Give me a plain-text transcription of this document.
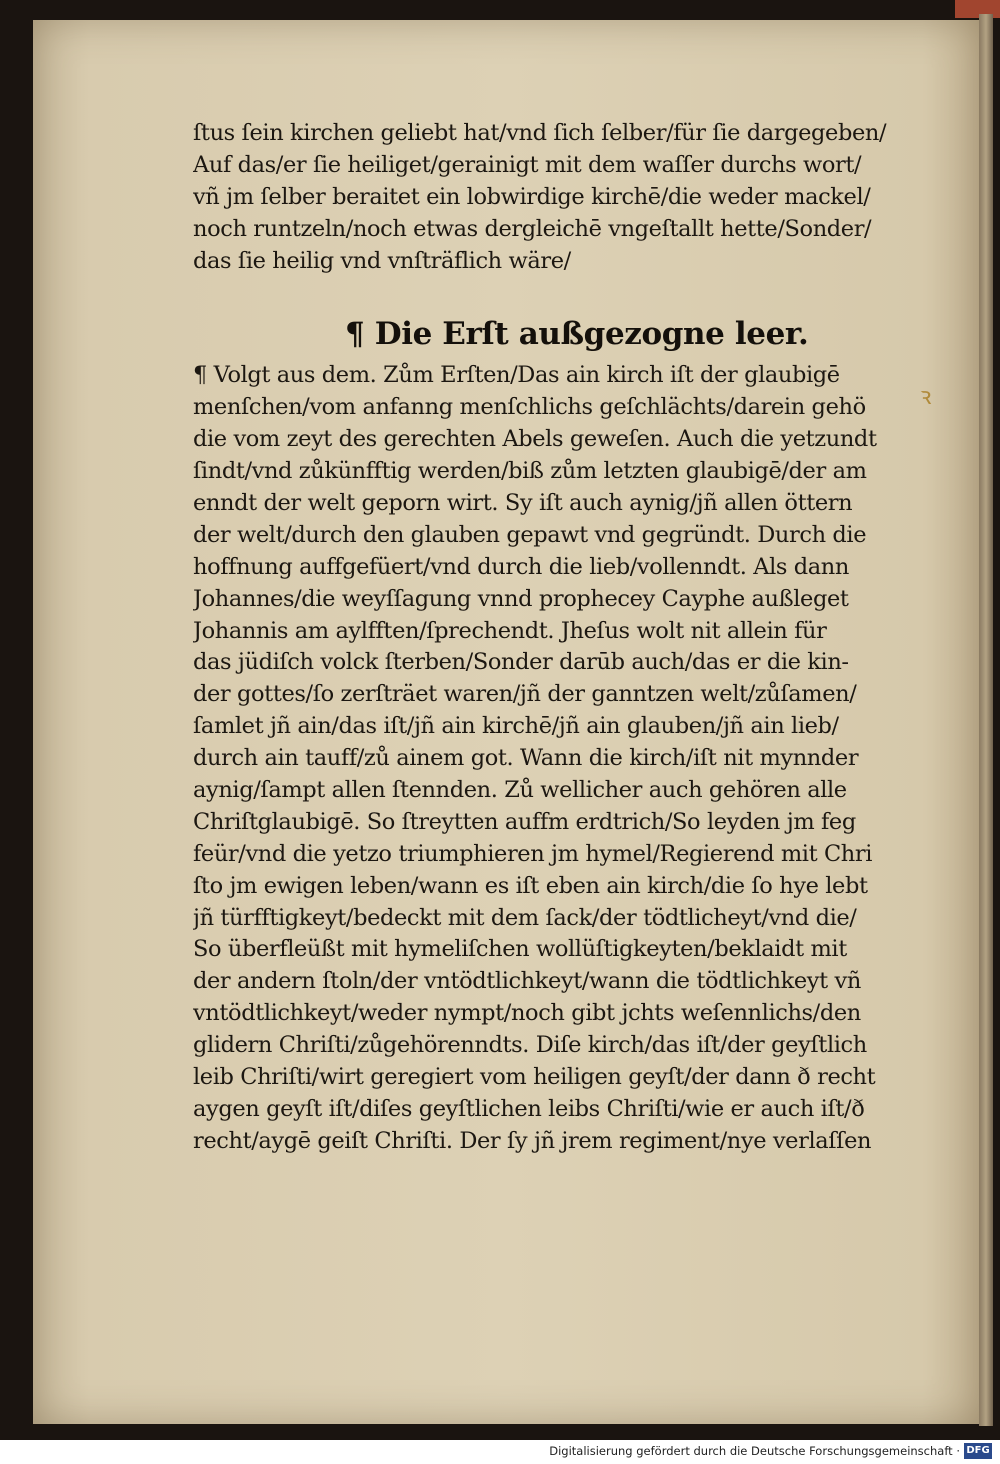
ſtus ſein kirchen geliebt hat/vnd ſich ſelber/für ſie dargegeben/
Auf das/er ſie heiliget/gerainigt mit dem waſſer durchs wort/
vñ jm ſelber beraitet ein lobwirdige kirchē/die weder mackel/
noch runtzeln/noch etwas dergleichē vngeſtallt hette/Sonder/
das ſie heilig vnd vnſträflich wäre/
¶ Die Erſt außgezogne leer.
¶ Volgt aus dem. Zům Erſten/Das ain kirch iſt der glaubigē
menſchen/vom anfanng menſchlichs geſchlächts/darein gehö
die vom zeyt des gerechten Abels geweſen. Auch die yetzundt
ſindt/vnd zůkünfftig werden/biß zům letzten glaubigē/der am
enndt der welt geporn wirt. Sy iſt auch aynig/jñ allen öttern
der welt/durch den glauben gepawt vnd gegründt. Durch die
hoffnung auffgefüert/vnd durch die lieb/vollenndt. Als dann
Johannes/die weyſſagung vnnd prophecey Cayphe außleget
Johannis am aylfften/ſprechendt. Jheſus wolt nit allein für
das jüdiſch volck ſterben/Sonder darūb auch/das er die kin-
der gottes/ſo zerſträet waren/jñ der ganntzen welt/zůſamen/
ſamlet jñ ain/das iſt/jñ ain kirchē/jñ ain glauben/jñ ain lieb/
durch ain tauff/zů ainem got. Wann die kirch/iſt nit mynnder
aynig/ſampt allen ſtennden. Zů wellicher auch gehören alle
Chriſtglaubigē. So ſtreytten auffm erdtrich/So leyden jm feg
feür/vnd die yetzo triumphieren jm hymel/Regierend mit Chri
ſto jm ewigen leben/wann es iſt eben ain kirch/die ſo hye lebt
jñ türfftigkeyt/bedeckt mit dem ſack/der tödtlicheyt/vnd die/
So überfleüßt mit hymeliſchen wollüſtigkeyten/beklaidt mit
der andern ſtoln/der vntödtlichkeyt/wann die tödtlichkeyt vñ
vntödtlichkeyt/weder nympt/noch gibt jchts weſennlichs/den
glidern Chriſti/zůgehörenndts. Diſe kirch/das iſt/der geyſtlich
leib Chriſti/wirt geregiert vom heiligen geyſt/der dann ð recht
aygen geyſt iſt/diſes geyſtlichen leibs Chriſti/wie er auch iſt/ð
recht/aygē geiſt Chriſti. Der ſy jñ jrem regiment/nye verlaſſen
ꝛ
Digitalisierung gefördert durch die Deutsche Forschungsgemeinschaft · DFG
